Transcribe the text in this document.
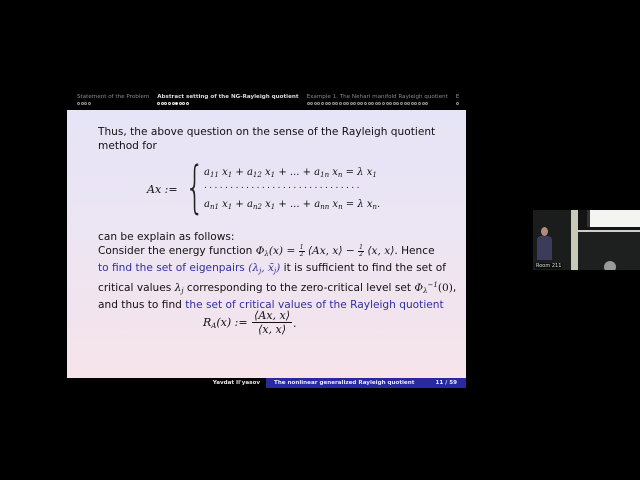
Statement of the Problem Abstract setting of the NG-Rayleigh quotient Example 1. The Nehari manifold Rayleigh quotient E
Thus, the above question on the sense of the Rayleigh quotient
method for
Ax := { $a_{11}$ $x_1 + a_{12}$ $x_1$ + ... + $a_{1n}$ $x_n = \lambda$ $x_1$
..............................
$a_{n1}$ $x_1 + a_{n2}$ $x_1$ + ... + $a_{nn}$ $x_n = \lambda$ $x_n$.
can be explain as follows:
Consider the energy function $\Phi_\lambda(x) = \frac{1}{2}$ ⟨Ax, x⟩ − $\frac{1}{2}$ ⟨x, x⟩. Hence
to find the set of eigenpairs ($\lambda_j$, $x̄_j$) it is sufficient to find the set of
critical values $\lambda_j$ corresponding to the zero-critical level set $\Phi_\lambda^{-1}(0)$,
and thus to find the set of critical values of the Rayleigh quotient
$R_A(x)$ := $\frac{⟨Ax, x⟩}{⟨x, x⟩}$ .
Yavdat Il'yasov	The nonlinear generalized Rayleigh quotient	11 / 59
Room 211
